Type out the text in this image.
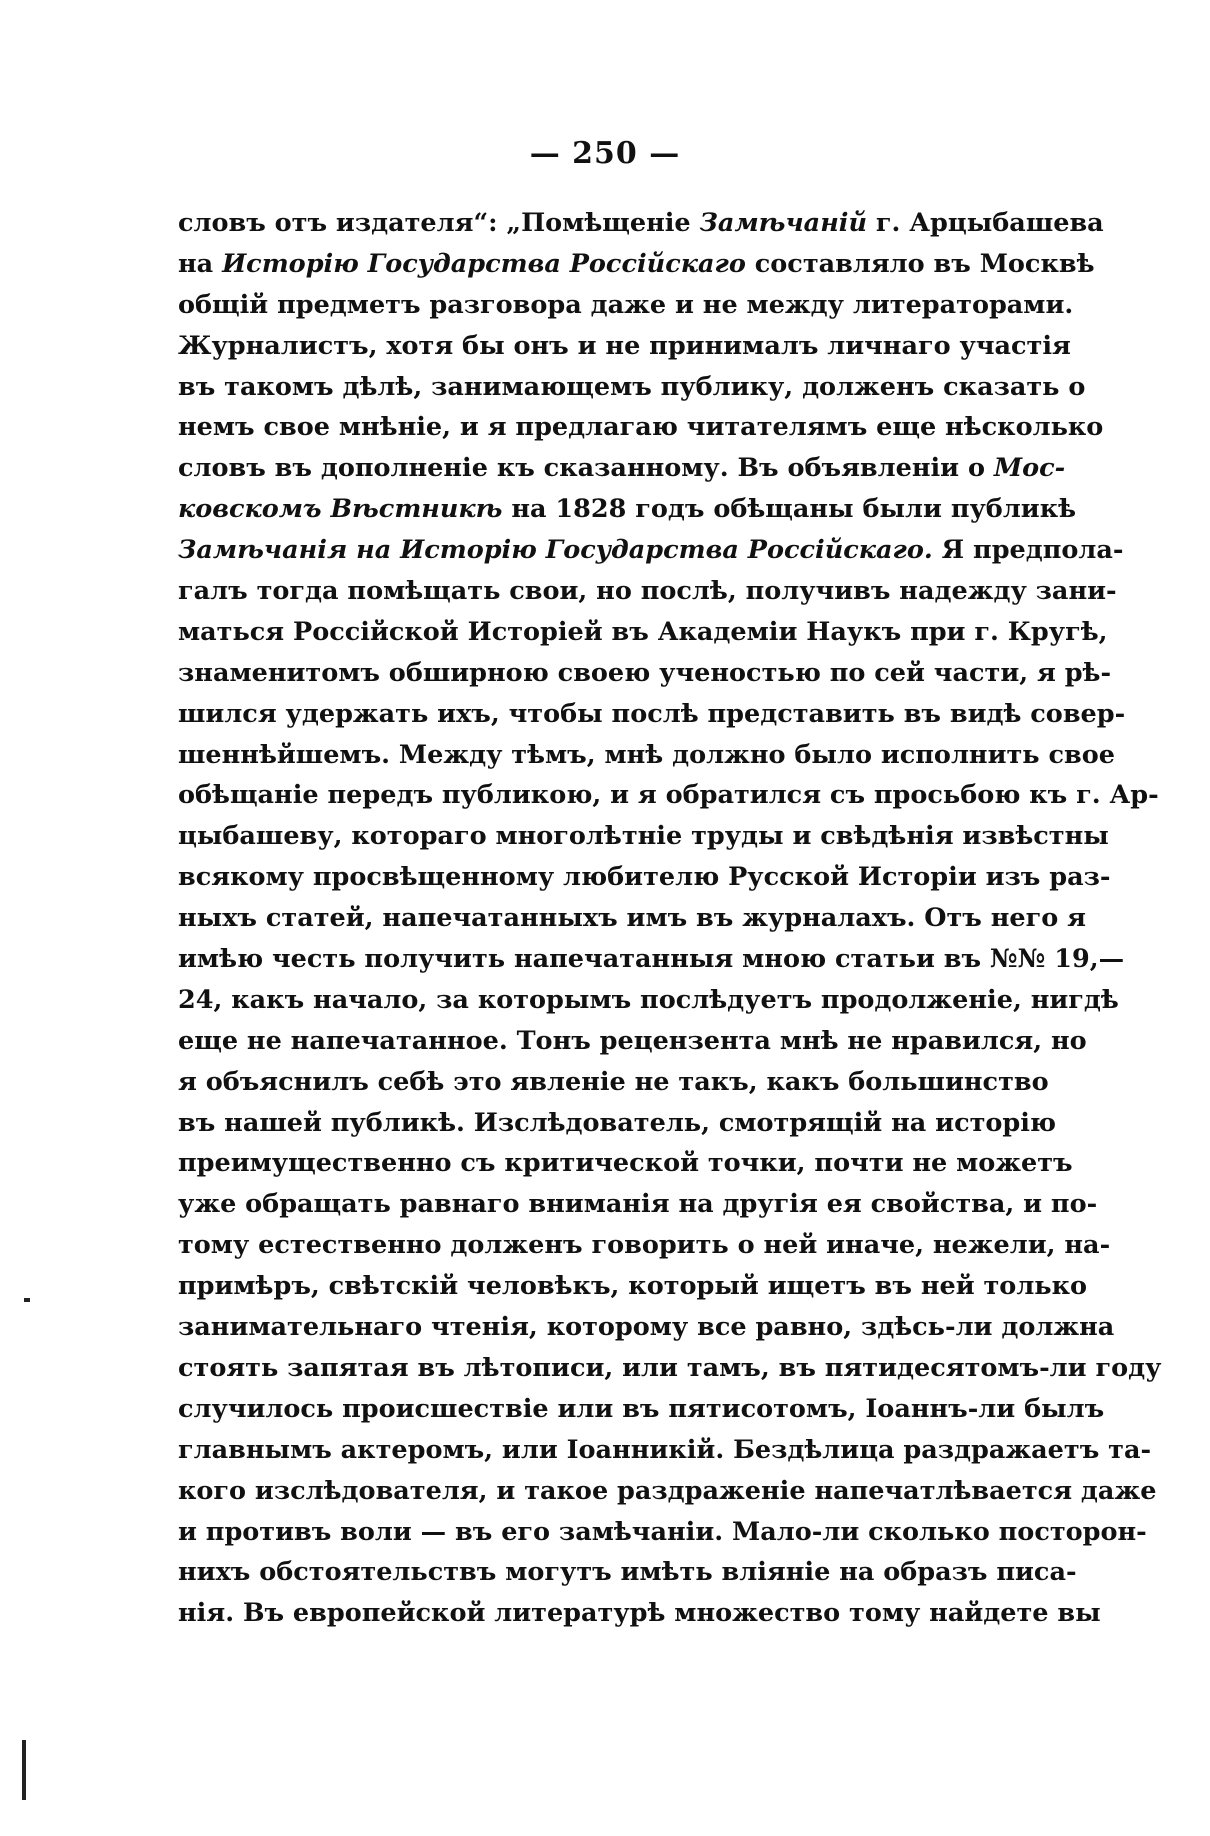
— 250 —
словъ отъ издателя“: „Помѣщеніе Замѣчаній г. Арцыбашева
на Исторію Государства Россійскаго составляло въ Москвѣ
общій предметъ разговора даже и не между литераторами.
Журналистъ, хотя бы онъ и не принималъ личнаго участія
въ такомъ дѣлѣ, занимающемъ публику, долженъ сказать о
немъ свое мнѣніе, и я предлагаю читателямъ еще нѣсколько
словъ въ дополненіе къ сказанному. Въ объявленіи о Мос-
ковскомъ Вѣстникѣ на 1828 годъ обѣщаны были публикѣ
Замѣчанія на Исторію Государства Россійскаго. Я предпола-
галъ тогда помѣщать свои, но послѣ, получивъ надежду зани-
маться Россійской Исторіей въ Академіи Наукъ при г. Кругѣ,
знаменитомъ обширною своею ученостью по сей части, я рѣ-
шился удержать ихъ, чтобы послѣ представить въ видѣ совер-
шеннѣйшемъ. Между тѣмъ, мнѣ должно было исполнить свое
обѣщаніе передъ публикою, и я обратился съ просьбою къ г. Ар-
цыбашеву, котораго многолѣтніе труды и свѣдѣнія извѣстны
всякому просвѣщенному любителю Русской Исторіи изъ раз-
ныхъ статей, напечатанныхъ имъ въ журналахъ. Отъ него я
имѣю честь получить напечатанныя мною статьи въ №№ 19,—
24, какъ начало, за которымъ послѣдуетъ продолженіе, нигдѣ
еще не напечатанное. Тонъ рецензента мнѣ не нравился, но
я объяснилъ себѣ это явленіе не такъ, какъ большинство
въ нашей публикѣ. Изслѣдователь, смотрящій на исторію
преимущественно съ критической точки, почти не можетъ
уже обращать равнаго вниманія на другія ея свойства, и по-
тому естественно долженъ говорить о ней иначе, нежели, на-
примѣръ, свѣтскій человѣкъ, который ищетъ въ ней только
занимательнаго чтенія, которому все равно, здѣсь-ли должна
стоять запятая въ лѣтописи, или тамъ, въ пятидесятомъ-ли году
случилось происшествіе или въ пятисотомъ, Іоаннъ-ли былъ
главнымъ актеромъ, или Іоанникій. Бездѣлица раздражаетъ та-
кого изслѣдователя, и такое раздраженіе напечатлѣвается даже
и противъ воли — въ его замѣчаніи. Мало-ли сколько посторон-
нихъ обстоятельствъ могутъ имѣть вліяніе на образъ писа-
нія. Въ европейской литературѣ множество тому найдете вы
